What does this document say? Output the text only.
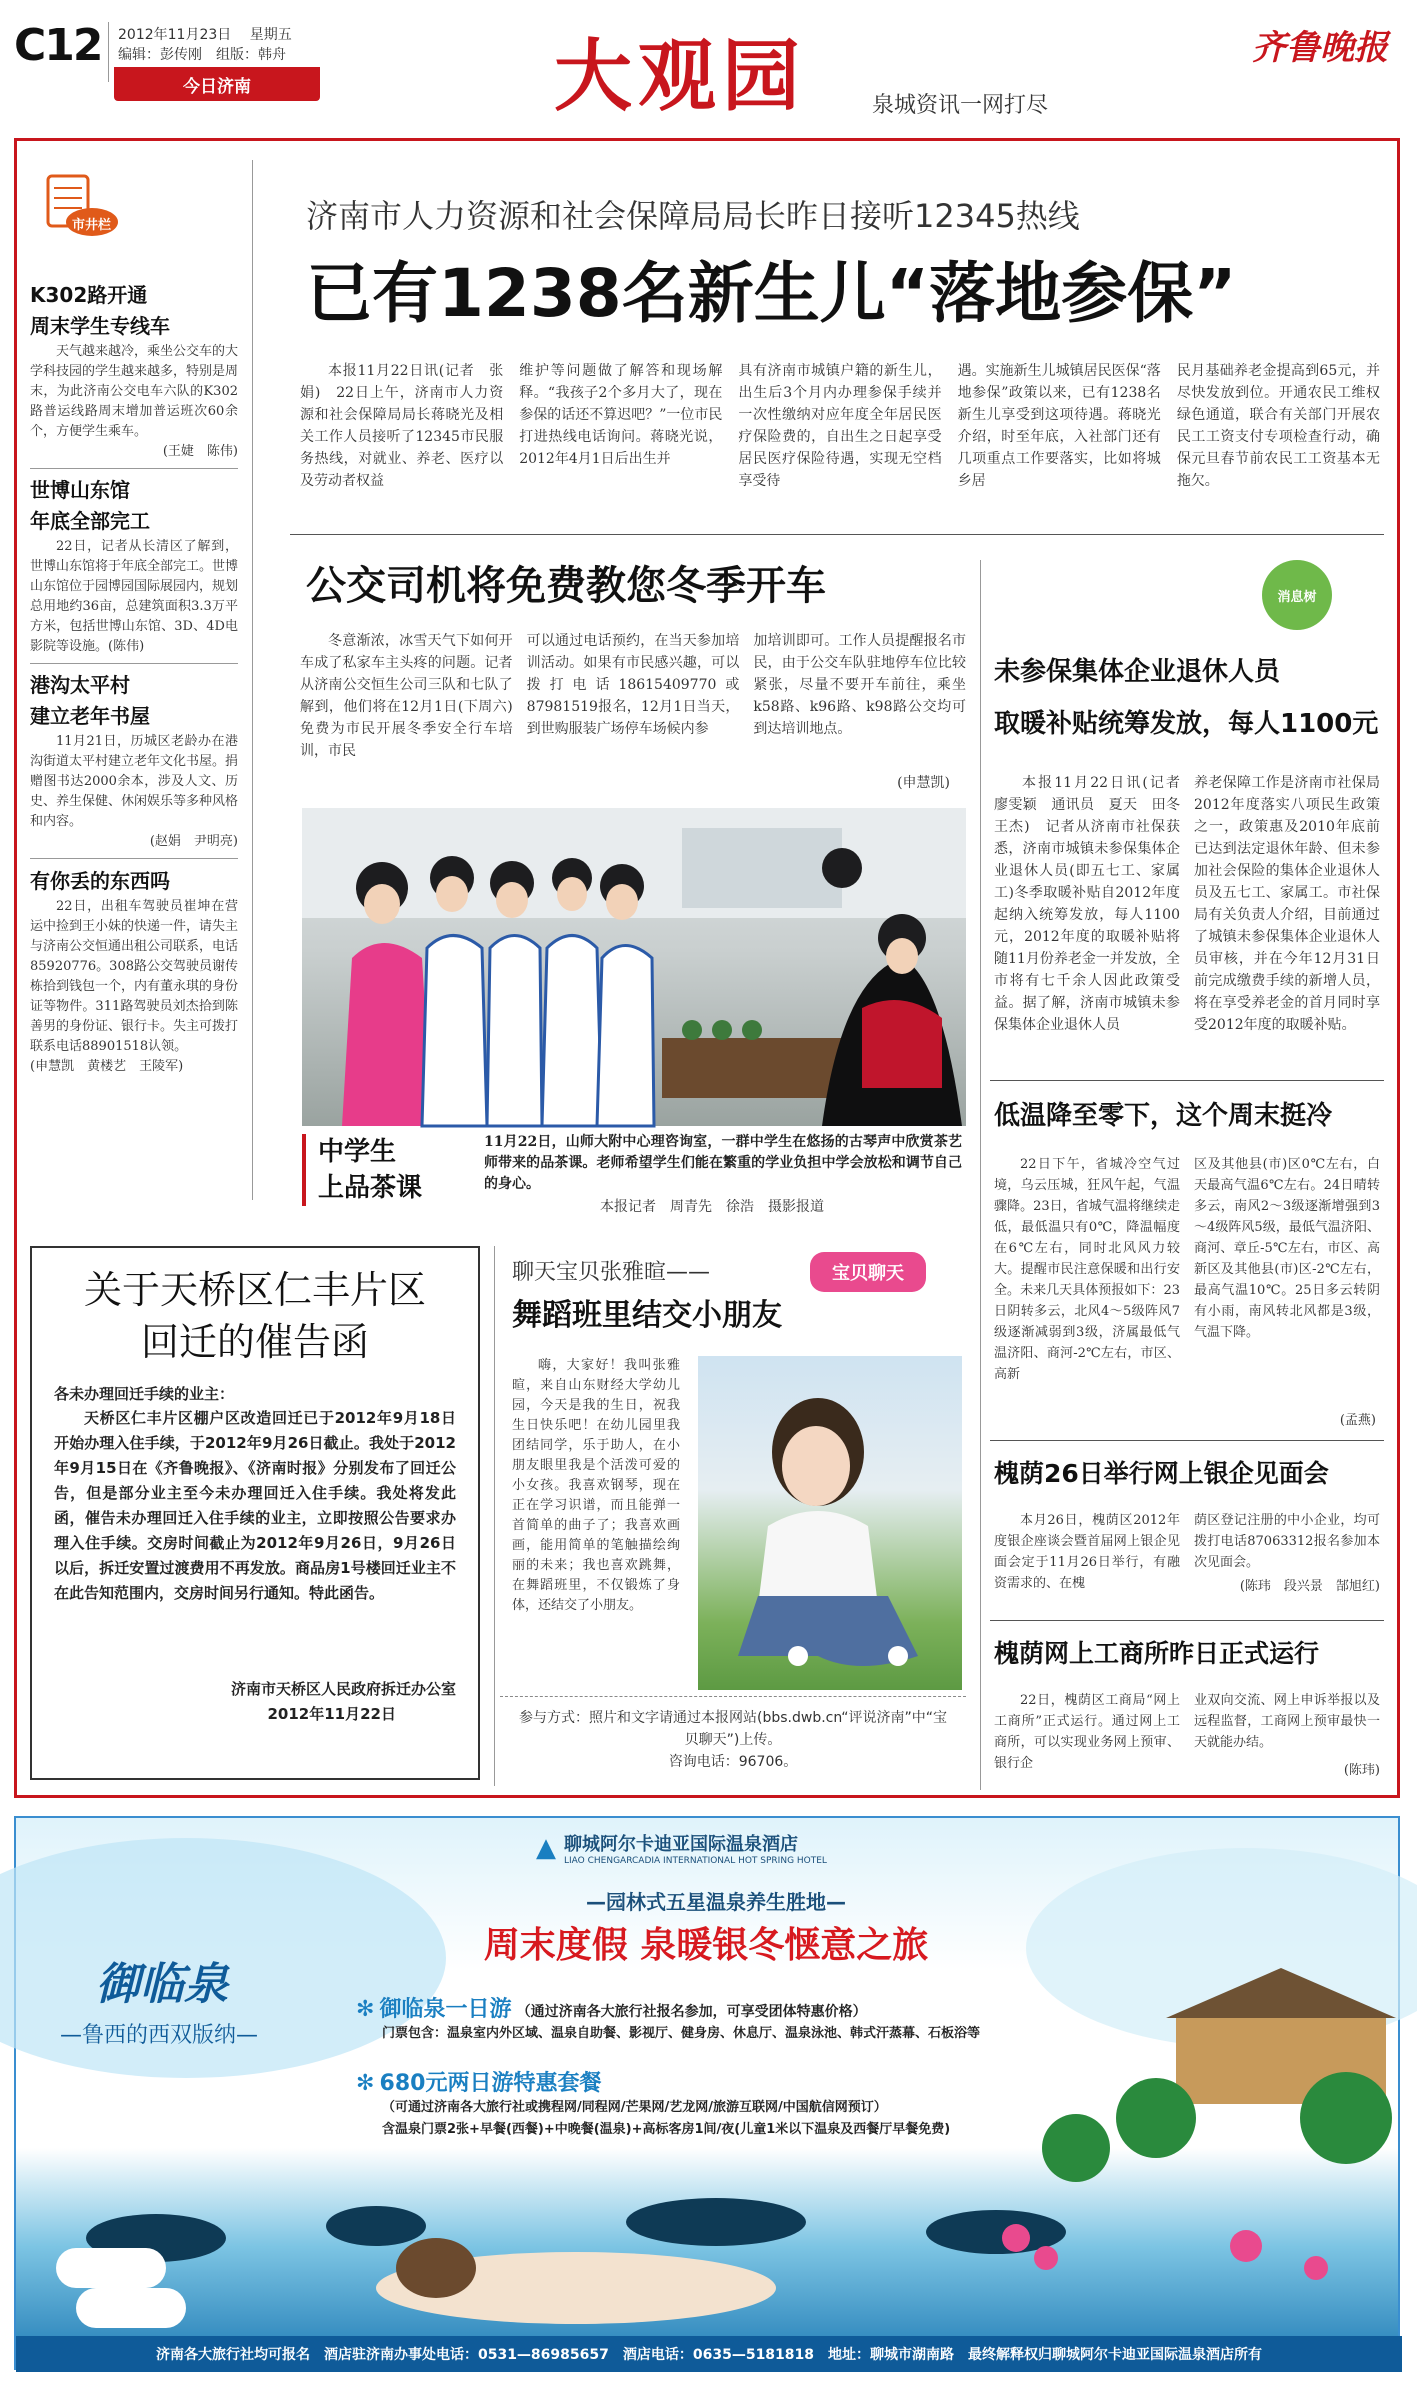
C12 2012年11月23日 星期五
编辑：彭传刚　组版：韩舟
今日济南	大观园	泉城资讯一网打尽
齐鲁晚报
市井栏
K302路开通
周末学生专线车
天气越来越冷，乘坐公交车的大学科技园的学生越来越多，特别是周末，为此济南公交电车六队的K302路普运线路周末增加普运班次60余个，方便学生乘车。
(王婕　陈伟)
世博山东馆
年底全部完工
22日，记者从长清区了解到，世博山东馆将于年底全部完工。世博山东馆位于园博园国际展园内，规划总用地约36亩，总建筑面积3.3万平方米，包括世博山东馆、3D、4D电影院等设施。(陈伟)
港沟太平村
建立老年书屋
11月21日，历城区老龄办在港沟街道太平村建立老年文化书屋。捐赠图书达2000余本，涉及人文、历史、养生保健、休闲娱乐等多种风格和内容。
(赵娟　尹明亮)
有你丢的东西吗
22日，出租车驾驶员崔坤在营运中捡到王小妹的快递一件，请失主与济南公交恒通出租公司联系，电话85920776。308路公交驾驶员谢传栋拾到钱包一个，内有董永琪的身份证等物件。311路驾驶员刘杰拾到陈善男的身份证、银行卡。失主可拨打联系电话88901518认领。
(申慧凯　黄楼艺　王陵军)
济南市人力资源和社会保障局局长昨日接听12345热线
已有1238名新生儿“落地参保”
本报11月22日讯(记者　张娟)　22日上午，济南市人力资源和社会保障局局长蒋晓光及相关工作人员接听了12345市民服务热线，对就业、养老、医疗以及劳动者权益
维护等问题做了解答和现场解释。“我孩子2个多月大了，现在参保的话还不算迟吧？”一位市民打进热线电话询问。蒋晓光说，2012年4月1日后出生并
具有济南市城镇户籍的新生儿，出生后3个月内办理参保手续并一次性缴纳对应年度全年居民医疗保险费的，自出生之日起享受居民医疗保险待遇，实现无空档享受待
遇。实施新生儿城镇居民医保“落地参保”政策以来，已有1238名新生儿享受到这项待遇。蒋晓光介绍，时至年底，入社部门还有几项重点工作要落实，比如将城乡居
民月基础养老金提高到65元，并尽快发放到位。开通农民工维权绿色通道，联合有关部门开展农民工工资支付专项检查行动，确保元旦春节前农民工工资基本无拖欠。
公交司机将免费教您冬季开车
冬意渐浓，冰雪天气下如何开车成了私家车主头疼的问题。记者从济南公交恒生公司三队和七队了解到，他们将在12月1日(下周六)免费为市民开展冬季安全行车培训，市民
可以通过电话预约，在当天参加培训活动。如果有市民感兴趣，可以拨打电话18615409770或87981519报名，12月1日当天，到世购服装广场停车场候内参
加培训即可。工作人员提醒报名市民，由于公交车队驻地停车位比较紧张，尽量不要开车前往，乘坐k58路、k96路、k98路公交均可到达培训地点。
(申慧凯)
中学生
上品茶课
11月22日，山师大附中心理咨询室，一群中学生在悠扬的古琴声中欣赏茶艺师带来的品茶课。老师希望学生们能在繁重的学业负担中学会放松和调节自己的身心。
本报记者　周青先　徐浩　摄影报道
消息树
未参保集体企业退休人员
取暖补贴统筹发放，每人1100元
本报11月22日讯(记者　廖雯颖　通讯员　夏天　田冬　王杰)　记者从济南市社保获悉，济南市城镇未参保集体企业退休人员(即五七工、家属工)冬季取暖补贴自2012年度起纳入统筹发放，每人1100元，2012年度的取暖补贴将随11月份养老金一并发放，全市将有七千余人因此政策受益。据了解，济南市城镇未参保集体企业退休人员
养老保障工作是济南市社保局2012年度落实八项民生政策之一，政策惠及2010年底前已达到法定退休年龄、但未参加社会保险的集体企业退休人员及五七工、家属工。市社保局有关负责人介绍，目前通过了城镇未参保集体企业退休人员审核，并在今年12月31日前完成缴费手续的新增人员，将在享受养老金的首月同时享受2012年度的取暖补贴。
低温降至零下，这个周末挺冷
22日下午，省城冷空气过境，乌云压城，狂风午起，气温骤降。23日，省城气温将继续走低，最低温只有0℃，降温幅度在6℃左右，同时北风风力较大。提醒市民注意保暖和出行安全。未来几天具体预报如下：23日阴转多云，北风4～5级阵风7级逐渐减弱到3级，济属最低气温济阳、商河-2℃左右，市区、高新
区及其他县(市)区0℃左右，白天最高气温6℃左右。24日晴转多云，南风2～3级逐渐增强到3～4级阵风5级，最低气温济阳、商河、章丘-5℃左右，市区、高新区及其他县(市)区-2℃左右，最高气温10℃。25日多云转阴有小雨，南风转北风都是3级，气温下降。
(孟燕)
槐荫26日举行网上银企见面会
本月26日，槐荫区2012年度银企座谈会暨首届网上银企见面会定于11月26日举行，有融资需求的、在槐
荫区登记注册的中小企业，均可拨打电话87063312报名参加本次见面会。
(陈玮　段兴景　郜旭红)
槐荫网上工商所昨日正式运行
22日，槐荫区工商局“网上工商所”正式运行。通过网上工商所，可以实现业务网上预审、银行企
业双向交流、网上申诉举报以及远程监督，工商网上预审最快一天就能办结。
(陈玮)
关于天桥区仁丰片区
回迁的催告函
各未办理回迁手续的业主：
天桥区仁丰片区棚户区改造回迁已于2012年9月18日开始办理入住手续，于2012年9月26日截止。我处于2012年9月15日在《齐鲁晚报》、《济南时报》分别发布了回迁公告，但是部分业主至今未办理回迁入住手续。我处将发此函，催告未办理回迁入住手续的业主，立即按照公告要求办理入住手续。交房时间截止为2012年9月26日，9月26日以后，拆迁安置过渡费用不再发放。商品房1号楼回迁业主不在此告知范围内，交房时间另行通知。特此函告。
济南市天桥区人民政府拆迁办公室
2012年11月22日
聊天宝贝张雅暄——	宝贝聊天
舞蹈班里结交小朋友
嗨，大家好！我叫张雅暄，来自山东财经大学幼儿园，今天是我的生日，祝我生日快乐吧！在幼儿园里我团结同学，乐于助人，在小朋友眼里我是个活泼可爱的小女孩。我喜欢钢琴，现在正在学习识谱，而且能弹一首简单的曲子了；我喜欢画画，能用简单的笔触描绘绚丽的未来；我也喜欢跳舞，在舞蹈班里，不仅锻炼了身体，还结交了小朋友。
参与方式：照片和文字请通过本报网站(bbs.dwb.cn“评说济南”中“宝贝聊天”)上传。
咨询电话：96706。
▲ 聊城阿尔卡迪亚国际温泉酒店
LIAO CHENGARCADIA INTERNATIONAL HOT SPRING HOTEL
—园林式五星温泉养生胜地—
周末度假 泉暖银冬惬意之旅
御临泉
—鲁西的西双版纳—
✻ 御临泉一日游 （通过济南各大旅行社报名参加，可享受团体特惠价格）
门票包含：温泉室内外区域、温泉自助餐、影视厅、健身房、休息厅、温泉泳池、韩式汗蒸幕、石板浴等
✻ 680元两日游特惠套餐
（可通过济南各大旅行社或携程网/同程网/芒果网/艺龙网/旅游互联网/中国航信网预订）
含温泉门票2张+早餐(西餐)+中晚餐(温泉)+高标客房1间/夜(儿童1米以下温泉及西餐厅早餐免费)
济南各大旅行社均可报名　酒店驻济南办事处电话：0531—86985657　酒店电话：0635—5181818　地址：聊城市湖南路　最终解释权归聊城阿尔卡迪亚国际温泉酒店所有
